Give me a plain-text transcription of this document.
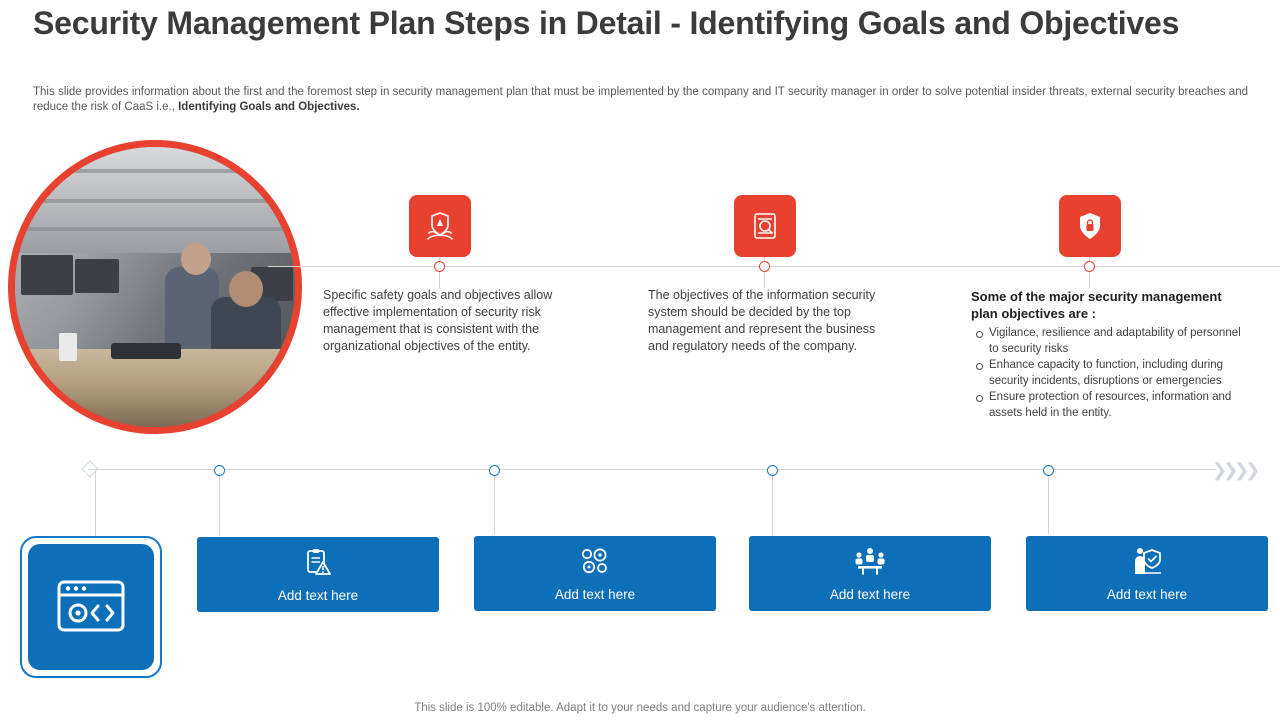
Security Management Plan Steps in Detail - Identifying Goals and Objectives
This slide provides information about the first and the foremost step in security management plan that must be implemented by the company and IT security manager in order to solve potential insider threats, external security breaches and reduce the risk of CaaS i.e., Identifying Goals and Objectives.
Specific safety goals and objectives allow effective implementation of security risk management that is consistent with the organizational objectives of the entity.
The objectives of the information security system should be decided by the top management and represent the business and regulatory needs of the company.
Some of the major security management plan objectives are :
Vigilance, resilience and adaptability of personnel to security risks
Enhance capacity to function, including during security incidents, disruptions or emergencies
Ensure protection of resources, information and assets held in the entity.
❯❯❯❯
Add text here	Add text here	Add text here	Add text here
This slide is 100% editable. Adapt it to your needs and capture your audience's attention.
